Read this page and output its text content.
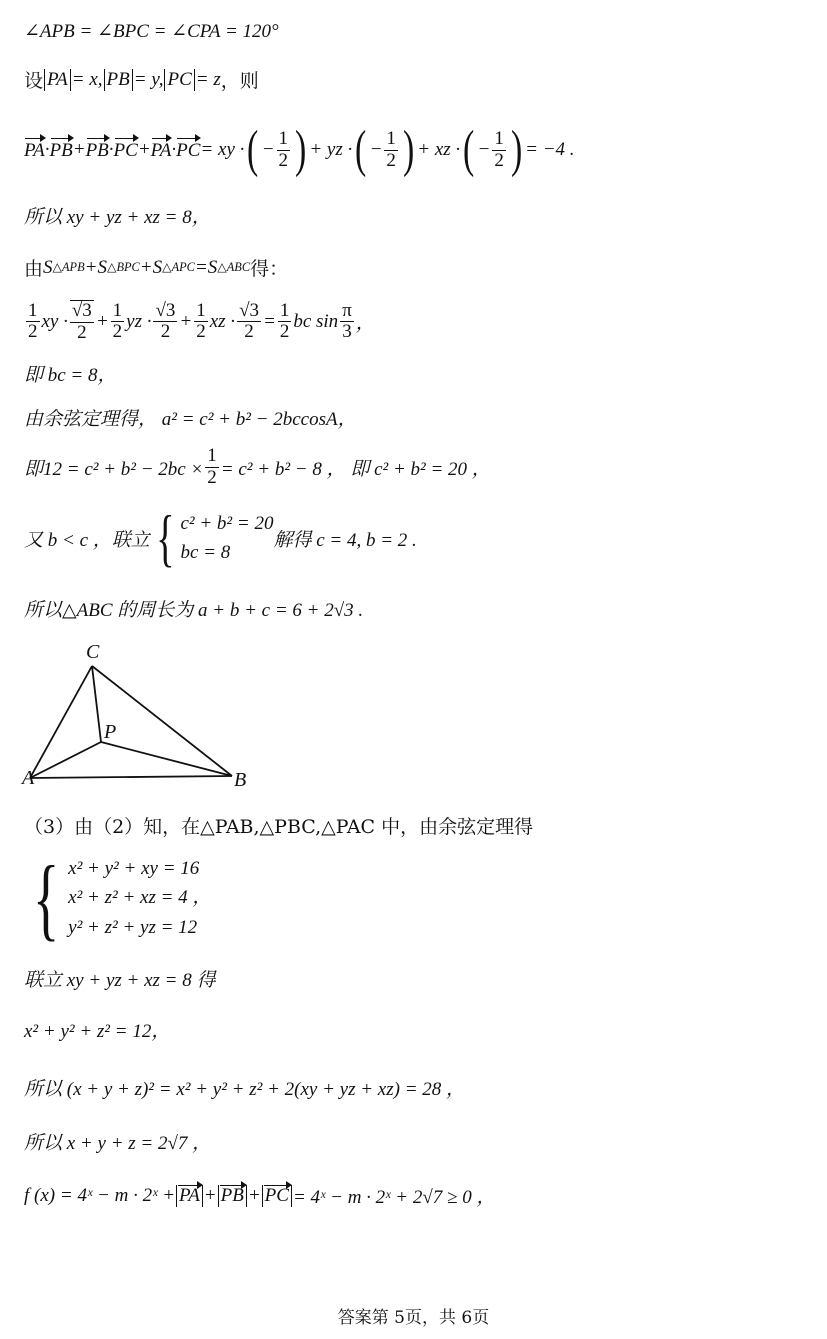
∠APB = ∠BPC = ∠CPA = 120°
设 PA = x, PB = y, PC = z ，则
PA · PB + PB · PC + PA · PC = xy · ( − $\frac{1}{2}$ ) + yz · ( − $\frac{1}{2}$ ) + xz · ( − $\frac{1}{2}$ ) = −4 .
所以 xy + yz + xz = 8，
由 S △APB + S △BPC + S △APC = S △ABC 得：
$\frac{1}{2}$ xy · $\frac{√3}{2} + \frac{1}{2}$ yz · $\frac{√3}{2} + \frac{1}{2}$ xz · $\frac{√3}{2} = \frac{1}{2}$ bc $\sin \frac{\pi}{3}$ ，
即 bc = 8，
由余弦定理得， a² = c² + b² − 2bccosA，
即$12 = c^2 + b^2 - 2bc \times \frac{1}{2} = c^2 + b^2 - 8$ ， 即 c² + b² = 20 ，
又 b < c ，联立 { c² + b² = 20
bc = 8
解得 c = 4, b = 2 .
所以△ABC 的周长为 a + b + c = 6 + 2√3 .
C
P
A	B
（3）由（2）知，在△PAB,△PBC,△PAC 中，由余弦定理得
{ x² + y² + xy = 16
x² + z² + xz = 4 ，
y² + z² + yz = 12
联立 xy + yz + xz = 8 得
x² + y² + z² = 12，
所以 (x + y + z)² = x² + y² + z² + 2(xy + yz + xz) = 28 ，
所以 x + y + z = 2√7 ，
f (x) = 4ˣ − m · 2ˣ + PA + PB + PC = 4ˣ − m · 2ˣ + 2√7 ≥ 0 ，
答案第 5页，共 6页
